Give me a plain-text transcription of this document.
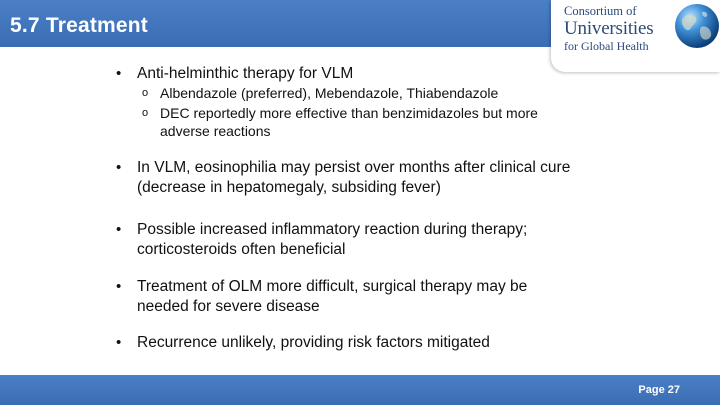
5.7 Treatment
Consortium of
Universities
for Global Health
• Anti-helminthic therapy for VLM
o Albendazole (preferred), Mebendazole, Thiabendazole
o DEC reportedly more effective than benzimidazoles but more adverse reactions
• In VLM, eosinophilia may persist over months after clinical cure (decrease in hepatomegaly, subsiding fever)
• Possible increased inflammatory reaction during therapy; corticosteroids often beneficial
• Treatment of OLM more difficult, surgical therapy may be needed for severe disease
• Recurrence unlikely, providing risk factors mitigated
Page 27
